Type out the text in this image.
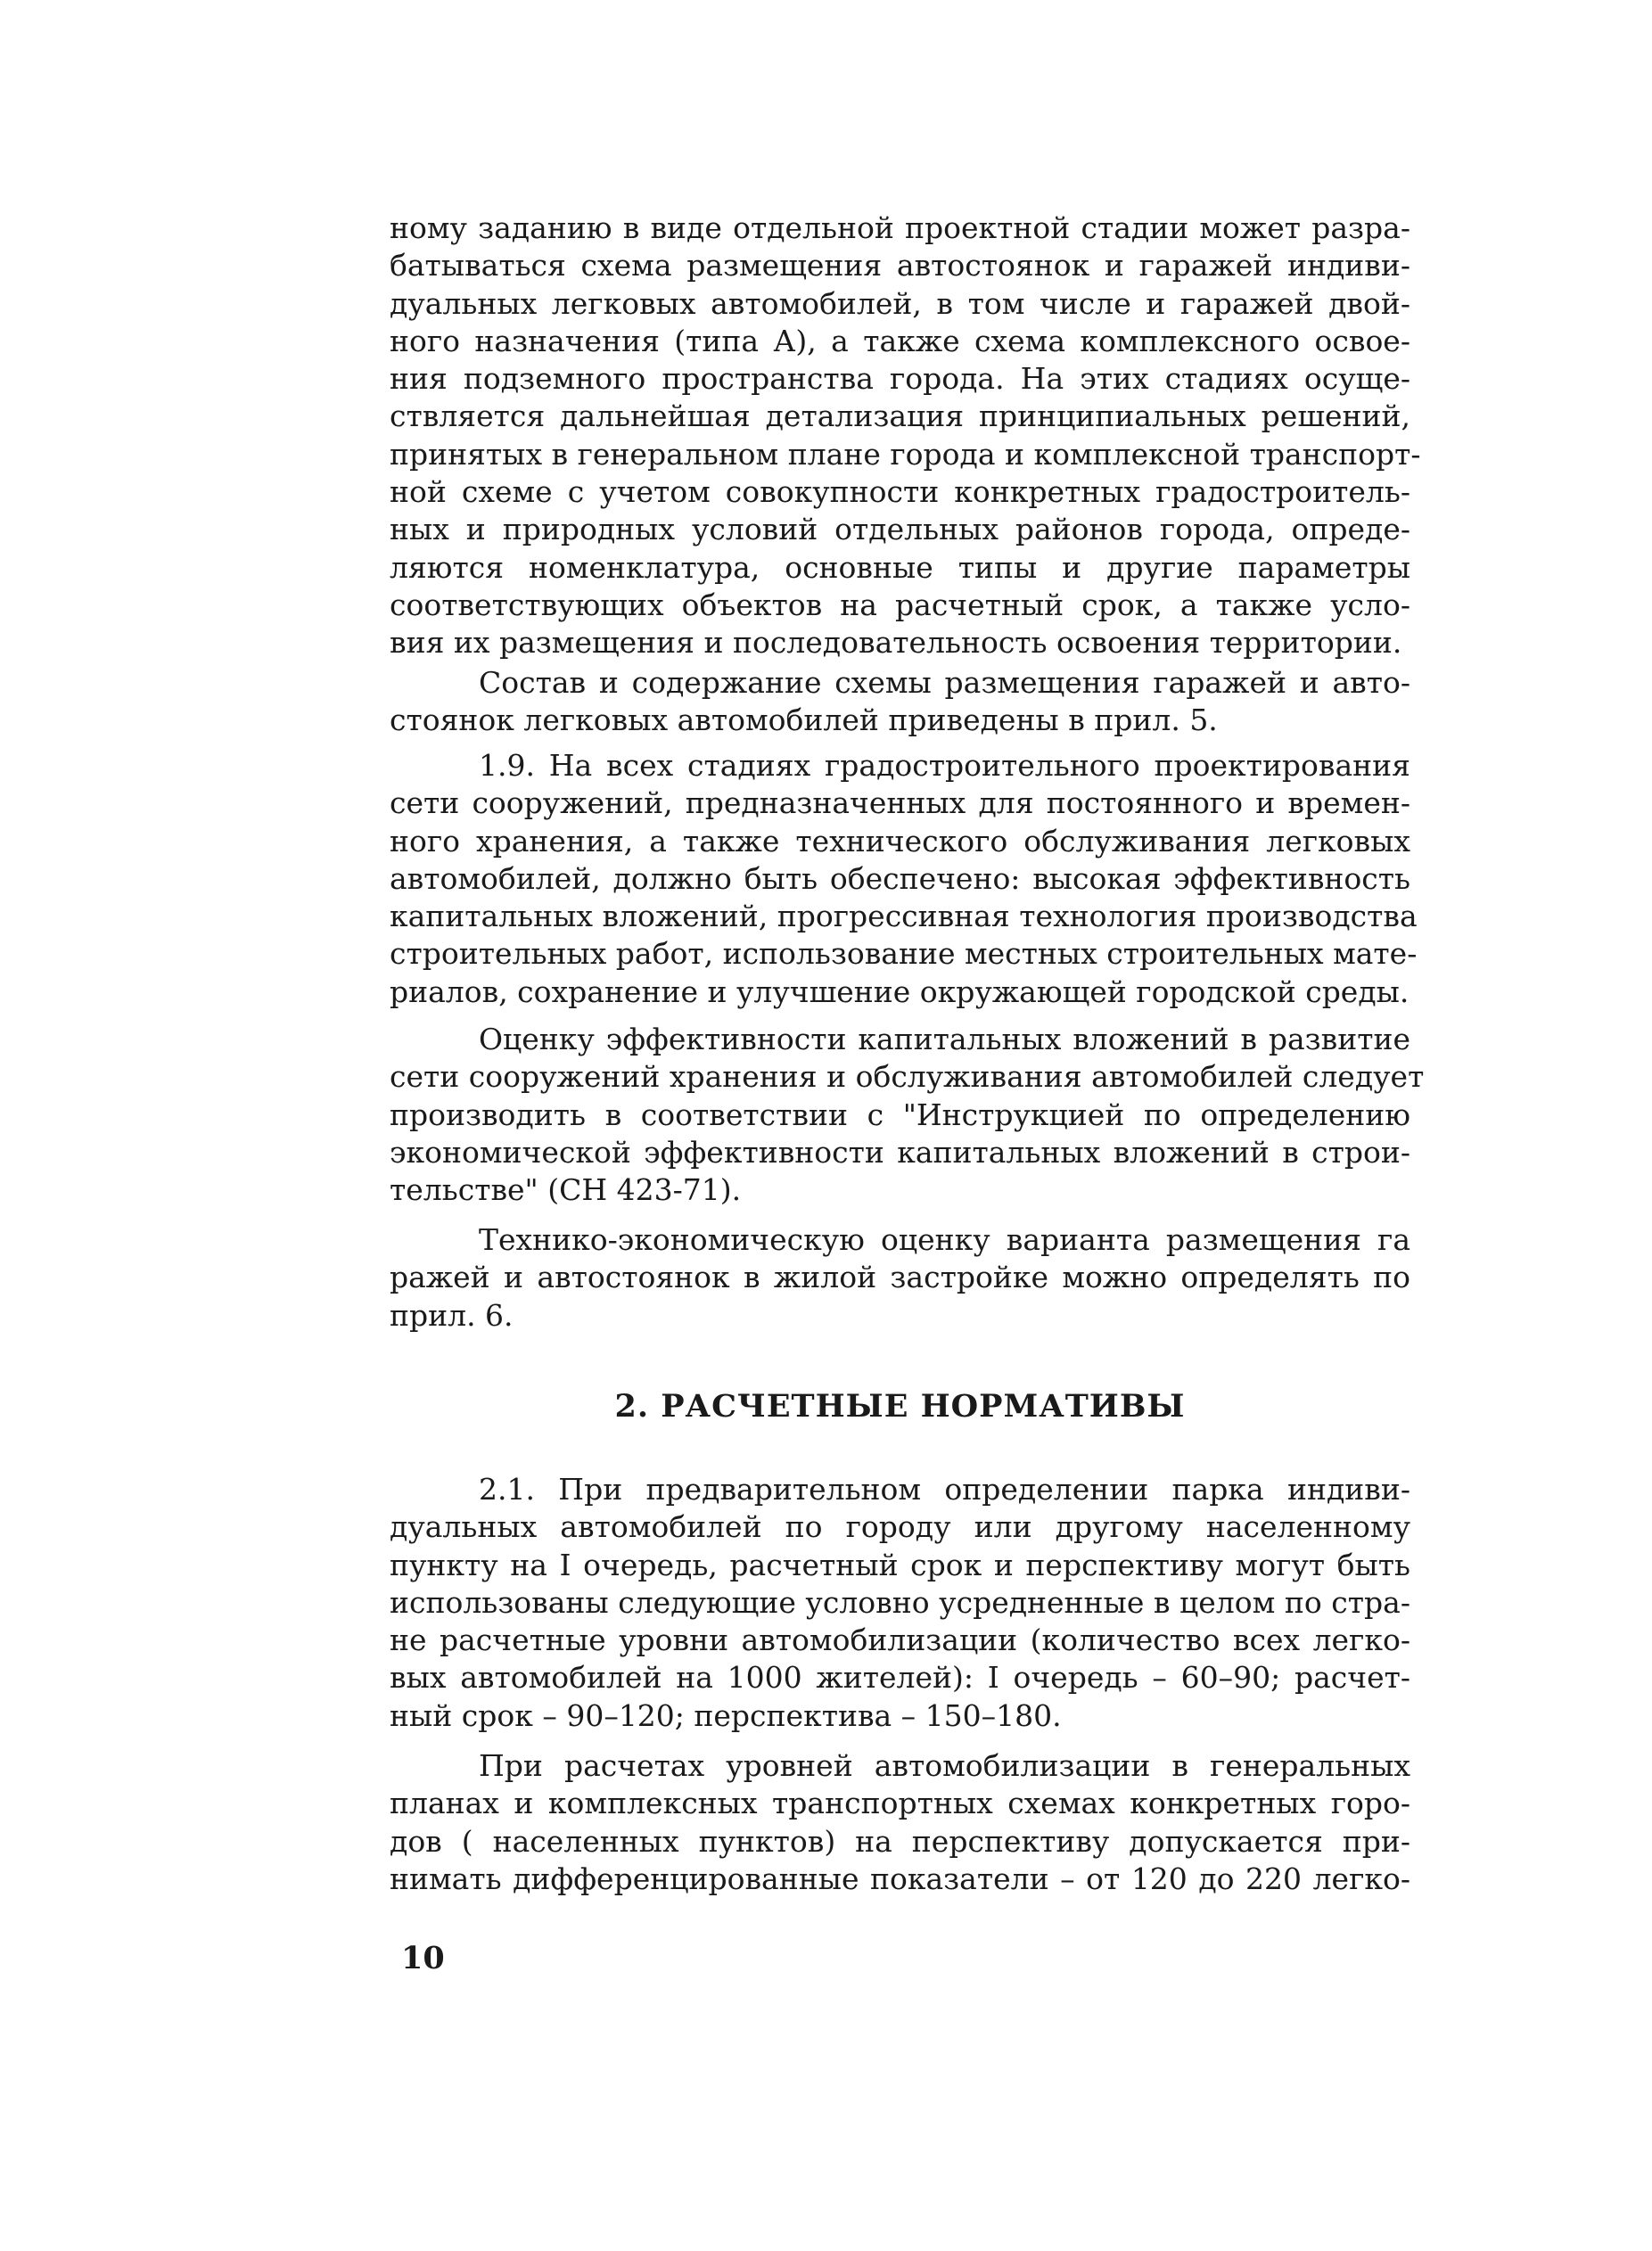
ному заданию в виде отдельной проектной стадии может разра-
батываться схема размещения автостоянок и гаражей индиви-
дуальных легковых автомобилей, в том числе и гаражей двой-
ного назначения (типа А), а также схема комплексного освое-
ния подземного пространства города. На этих стадиях осуще-
ствляется дальнейшая детализация принципиальных решений,
принятых в генеральном плане города и комплексной транспорт-
ной схеме с учетом совокупности конкретных градостроитель-
ных и природных условий отдельных районов города, опреде-
ляются номенклатура, основные типы и другие параметры
соответствующих объектов на расчетный срок, а также усло-
вия их размещения и последовательность освоения территории.
Состав и содержание схемы размещения гаражей и авто-
стоянок легковых автомобилей приведены в прил. 5.
1.9. На всех стадиях градостроительного проектирования
сети сооружений, предназначенных для постоянного и времен-
ного хранения, а также технического обслуживания легковых
автомобилей, должно быть обеспечено: высокая эффективность
капитальных вложений, прогрессивная технология производства
строительных работ, использование местных строительных мате-
риалов, сохранение и улучшение окружающей городской среды.
Оценку эффективности капитальных вложений в развитие
сети сооружений хранения и обслуживания автомобилей следует
производить в соответствии с "Инструкцией по определению
экономической эффективности капитальных вложений в строи-
тельстве" (СН 423-71).
Технико-экономическую оценку варианта размещения га
ражей и автостоянок в жилой застройке можно определять по
прил. 6.
2. РАСЧЕТНЫЕ НОРМАТИВЫ
2.1. При предварительном определении парка индиви-
дуальных автомобилей по городу или другому населенному
пункту на I очередь, расчетный срок и перспективу могут быть
использованы следующие условно усредненные в целом по стра-
не расчетные уровни автомобилизации (количество всех легко-
вых автомобилей на 1000 жителей): I очередь – 60–90; расчет-
ный срок – 90–120; перспектива – 150–180.
При расчетах уровней автомобилизации в генеральных
планах и комплексных транспортных схемах конкретных горо-
дов ( населенных пунктов) на перспективу допускается при-
нимать дифференцированные показатели – от 120 до 220 легко-
10
